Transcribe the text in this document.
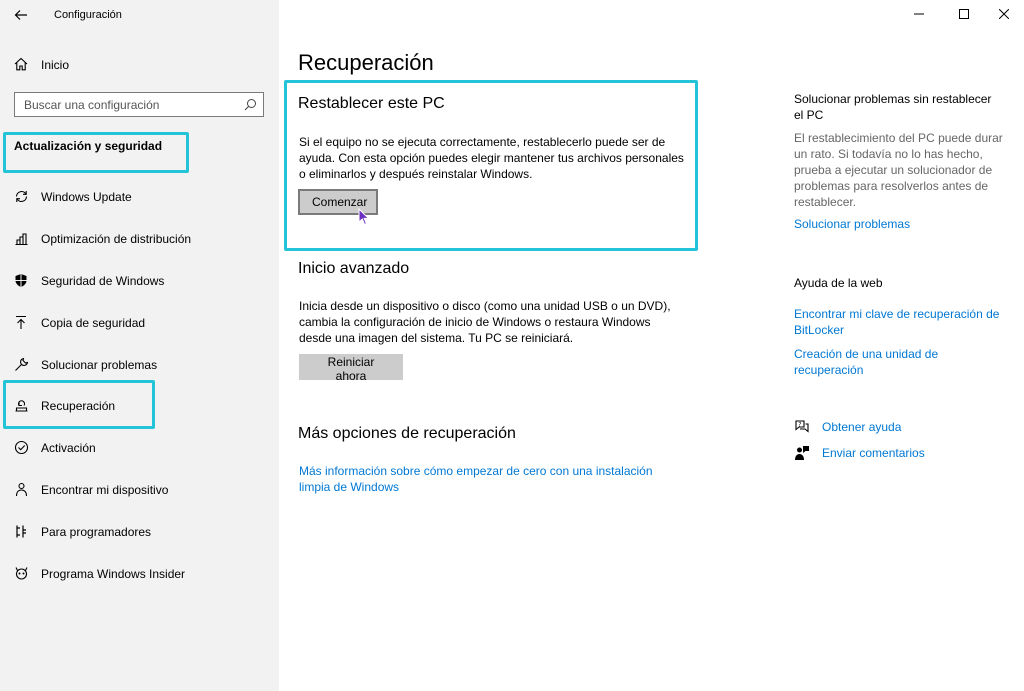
Configuración
Inicio
Buscar una configuración
Actualización y seguridad
Windows Update
Optimización de distribución
Seguridad de Windows
Copia de seguridad
Solucionar problemas
Recuperación
Activación
Encontrar mi dispositivo
Para programadores
Programa Windows Insider
Recuperación
Restablecer este PC
Si el equipo no se ejecuta correctamente, restablecerlo puede ser de
ayuda. Con esta opción puedes elegir mantener tus archivos personales
o eliminarlos y después reinstalar Windows.
Comenzar
Inicio avanzado
Inicia desde un dispositivo o disco (como una unidad USB o un DVD),
cambia la configuración de inicio de Windows o restaura Windows
desde una imagen del sistema. Tu PC se reiniciará.
Reiniciar ahora
Más opciones de recuperación
Más información sobre cómo empezar de cero con una instalación
limpia de Windows
Solucionar problemas sin restablecer
el PC
El restablecimiento del PC puede durar
un rato. Si todavía no lo has hecho,
prueba a ejecutar un solucionador de
problemas para resolverlos antes de
restablecer.
Solucionar problemas
Ayuda de la web
Encontrar mi clave de recuperación de
BitLocker
Creación de una unidad de
recuperación
? Obtener ayuda
Enviar comentarios
